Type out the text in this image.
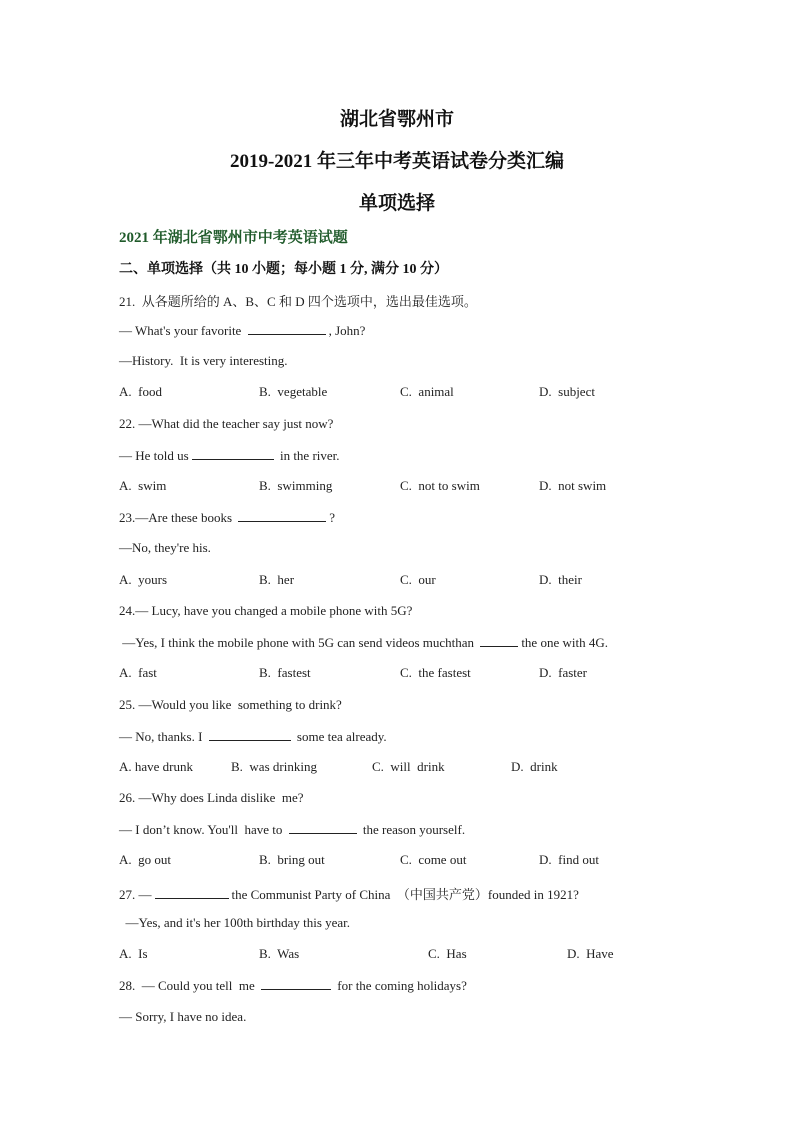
湖北省鄂州市
2019-2021 年三年中考英语试卷分类汇编
单项选择
2021 年湖北省鄂州市中考英语试题
二、单项选择（共 10 小题；每小题 1 分, 满分 10 分）
21.  从各题所给的 A、B、C 和 D 四个选项中，选出最佳选项。
— What's your favorite	, John?
—History.  It is very interesting.
A.  food	B.  vegetable	C.  animal	D.  subject
22. —What did the teacher say just now?
— He told us	in the river.
A.  swim	B.  swimming	C.  not to swim	D.  not swim
23.—Are these books	?
—No, they're his.
A.  yours	B.  her	C.  our	D.  their
24.— Lucy, have you changed a mobile phone with 5G?
—Yes, I think the mobile phone with 5G can send videos muchthan	the one with 4G.
A.  fast	B.  fastest	C.  the fastest	D.  faster
25. —Would you like  something to drink?
— No, thanks. I	some tea already.
A. have drunk	B.  was drinking	C.  will  drink	D.  drink
26. —Why does Linda dislike  me?
— I don’t know. You'll  have to	the reason yourself.
A.  go out	B.  bring out	C.  come out	D.  find out
27. —	the Communist Party of China  （中国共产党）founded in 1921?
—Yes, and it's her 100th birthday this year.
A.  Is	B.  Was	C.  Has	D.  Have
28.  — Could you tell  me	for the coming holidays?
— Sorry, I have no idea.
